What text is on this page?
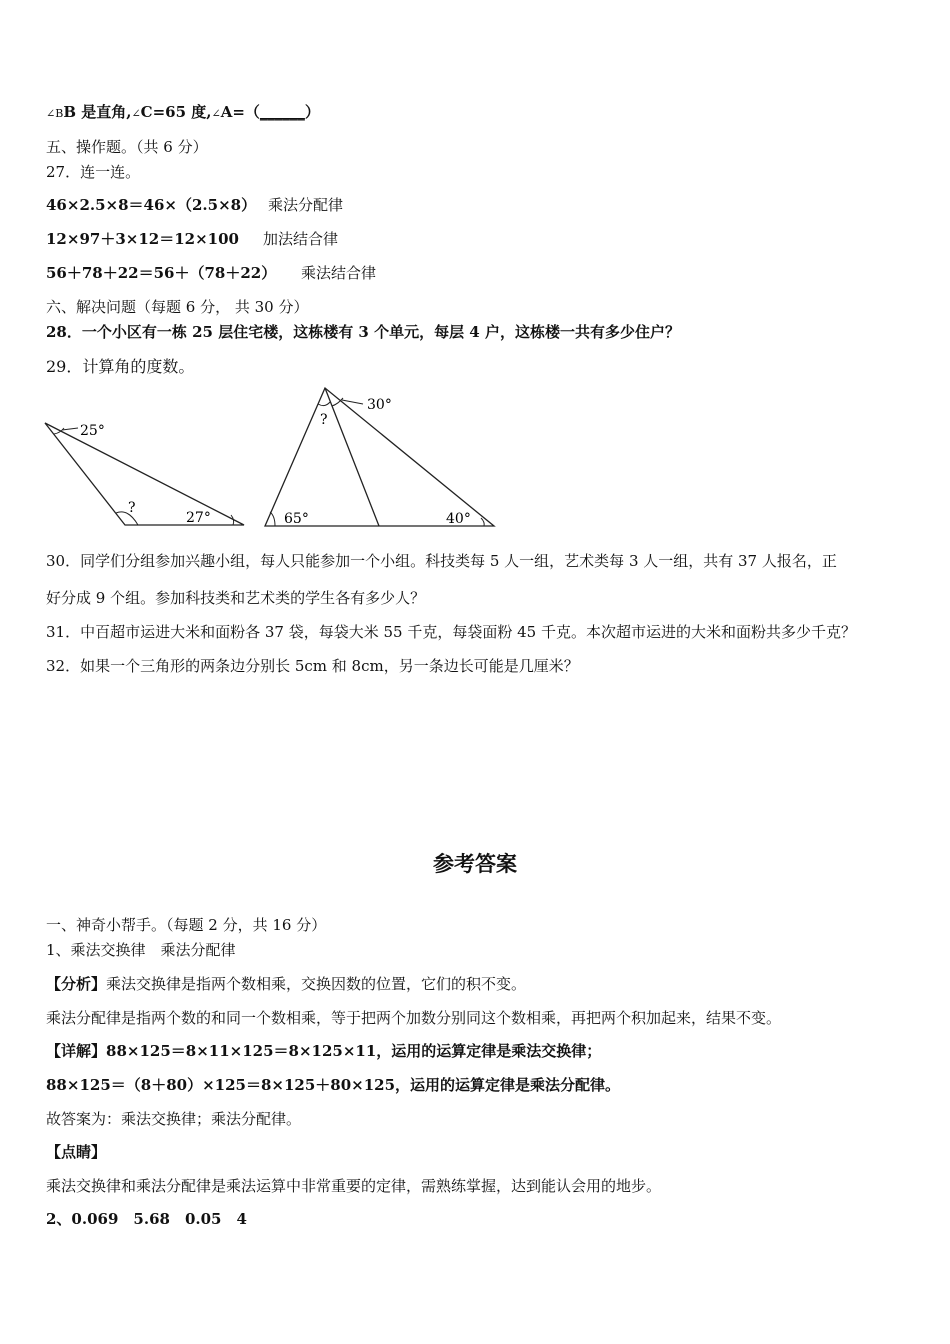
∠BB 是直角,∠C=65 度,∠A=（______）
五、操作题。（共 6 分）
27．连一连。
46×2.5×8＝46×（2.5×8） 乘法分配律
12×97＋3×12＝12×100 加法结合律
56＋78＋22＝56＋（78＋22） 乘法结合律
六、解决问题（每题 6 分， 共 30 分）
28．一个小区有一栋 25 层住宅楼，这栋楼有 3 个单元，每层 4 户，这栋楼一共有多少住户？
29．计算角的度数。
25°
?
27°
30°
?
65°	40°
30．同学们分组参加兴趣小组，每人只能参加一个小组。科技类每 5 人一组，艺术类每 3 人一组，共有 37 人报名，正
好分成 9 个组。参加科技类和艺术类的学生各有多少人？
31．中百超市运进大米和面粉各 37 袋，每袋大米 55 千克，每袋面粉 45 千克。本次超市运进的大米和面粉共多少千克？
32．如果一个三角形的两条边分别长 5cm 和 8cm，另一条边长可能是几厘米？
参考答案
一、神奇小帮手。（每题 2 分，共 16 分）
1、乘法交换律　乘法分配律
【分析】乘法交换律是指两个数相乘，交换因数的位置，它们的积不变。
乘法分配律是指两个数的和同一个数相乘，等于把两个加数分别同这个数相乘，再把两个积加起来，结果不变。
【详解】88×125＝8×11×125＝8×125×11，运用的运算定律是乘法交换律；
88×125＝（8＋80）×125＝8×125＋80×125，运用的运算定律是乘法分配律。
故答案为：乘法交换律；乘法分配律。
【点睛】
乘法交换律和乘法分配律是乘法运算中非常重要的定律，需熟练掌握，达到能认会用的地步。
2、0.069　5.68　0.05　4
